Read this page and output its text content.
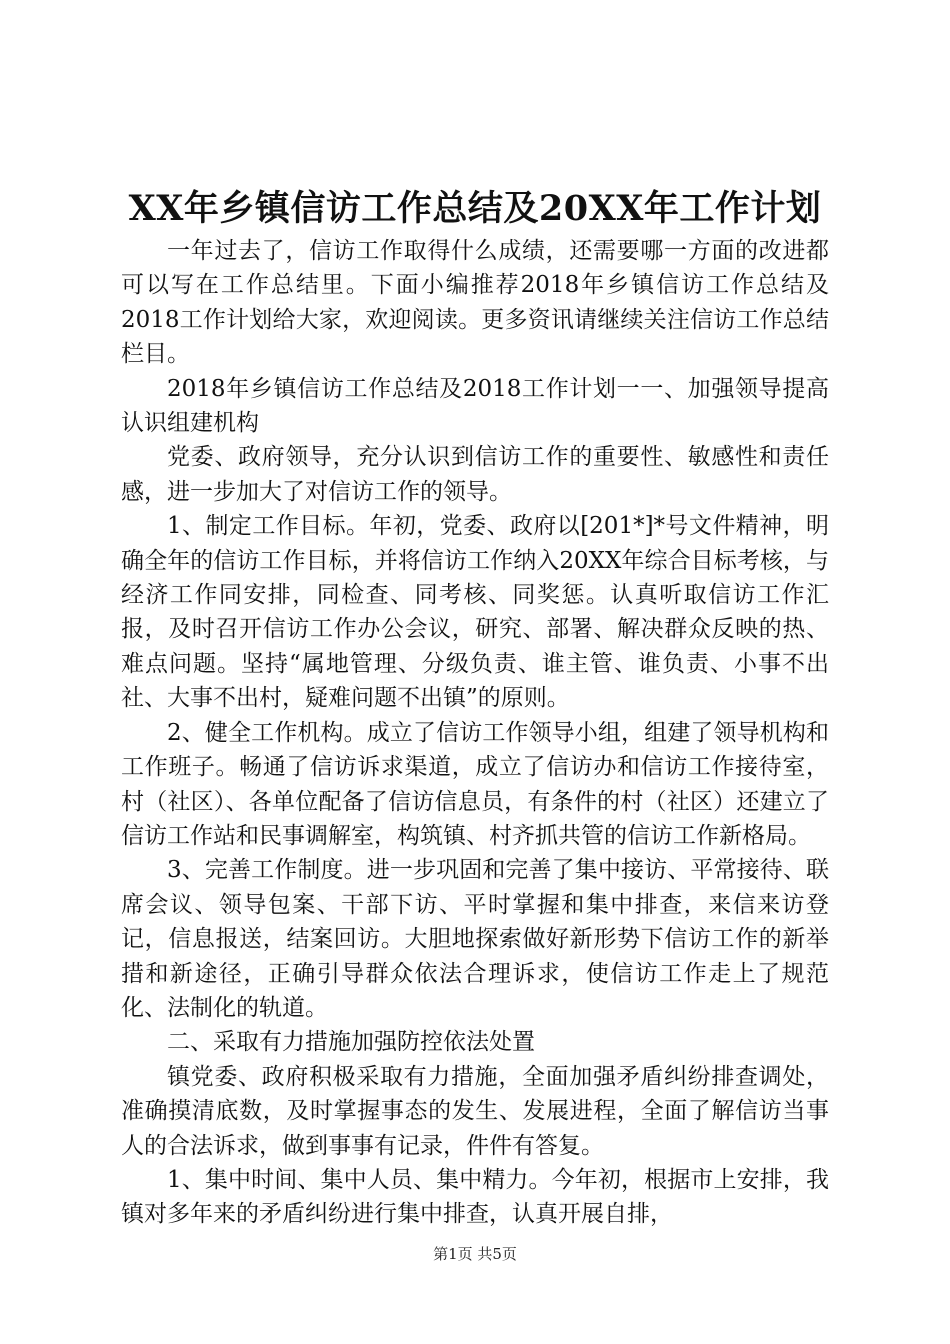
XX年乡镇信访工作总结及20XX年工作计划

一年过去了，信访工作取得什么成绩，还需要哪一方面的改进都可以写在工作总结里。下面小编推荐2018年乡镇信访工作总结及2018工作计划给大家，欢迎阅读。更多资讯请继续关注信访工作总结栏目。

2018年乡镇信访工作总结及2018工作计划一一、加强领导提高认识组建机构

党委、政府领导，充分认识到信访工作的重要性、敏感性和责任感，进一步加大了对信访工作的领导。

1、制定工作目标。年初，党委、政府以[201*]*号文件精神，明确全年的信访工作目标，并将信访工作纳入20XX年综合目标考核，与经济工作同安排，同检查、同考核、同奖惩。认真听取信访工作汇报，及时召开信访工作办公会议，研究、部署、解决群众反映的热、难点问题。坚持“属地管理、分级负责、谁主管、谁负责、小事不出社、大事不出村，疑难问题不出镇”的原则。

2、健全工作机构。成立了信访工作领导小组，组建了领导机构和工作班子。畅通了信访诉求渠道，成立了信访办和信访工作接待室，村（社区）、各单位配备了信访信息员，有条件的村（社区）还建立了信访工作站和民事调解室，构筑镇、村齐抓共管的信访工作新格局。

3、完善工作制度。进一步巩固和完善了集中接访、平常接待、联席会议、领导包案、干部下访、平时掌握和集中排查，来信来访登记，信息报送，结案回访。大胆地探索做好新形势下信访工作的新举措和新途径，正确引导群众依法合理诉求，使信访工作走上了规范化、法制化的轨道。

二、采取有力措施加强防控依法处置

镇党委、政府积极采取有力措施，全面加强矛盾纠纷排查调处，准确摸清底数，及时掌握事态的发生、发展进程，全面了解信访当事人的合法诉求，做到事事有记录，件件有答复。

1、集中时间、集中人员、集中精力。今年初，根据市上安排，我镇对多年来的矛盾纠纷进行集中排查，认真开展自排，

第1页 共5页
